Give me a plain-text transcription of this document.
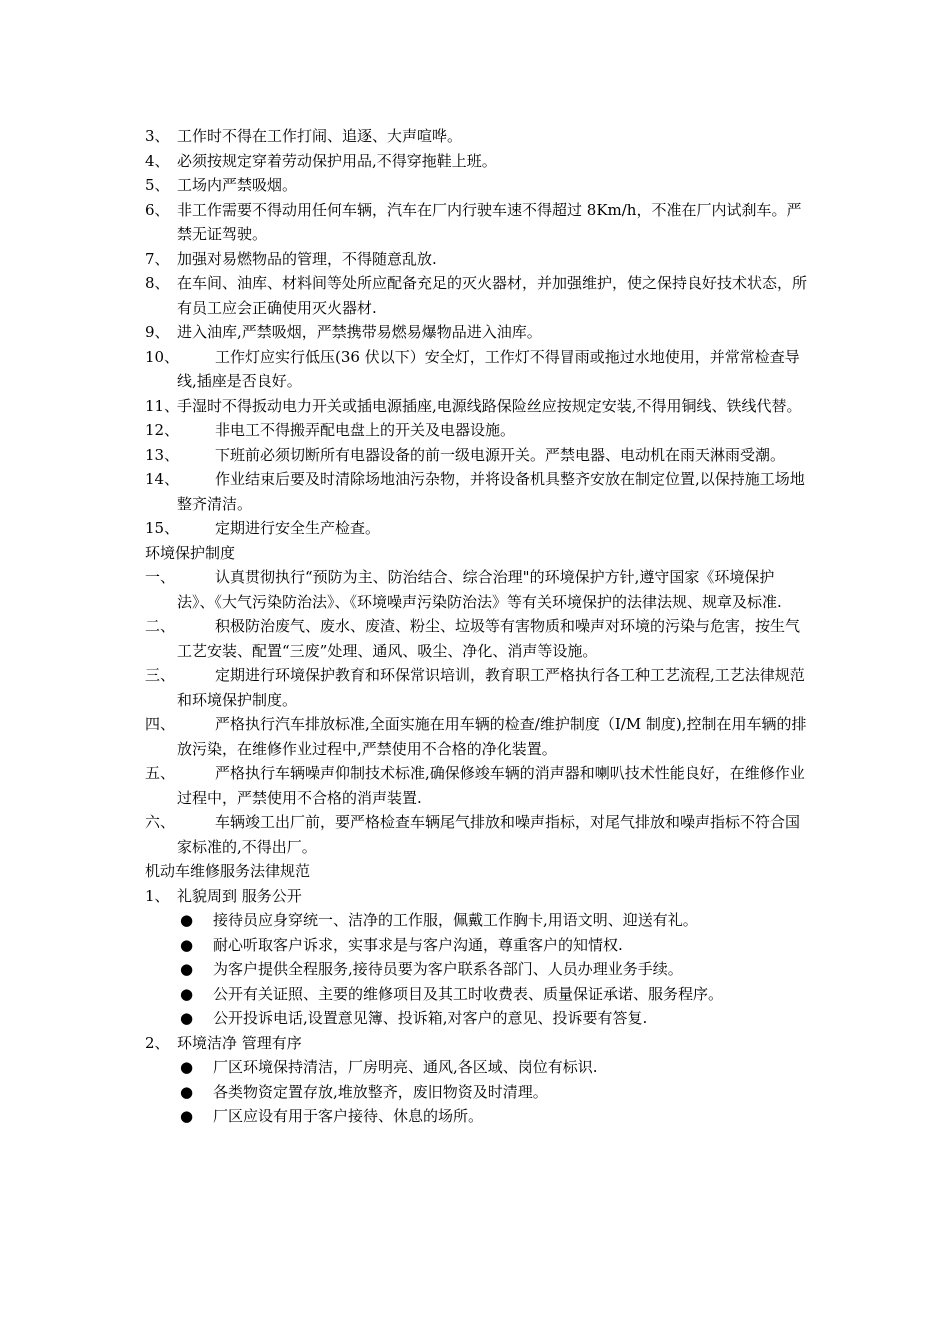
3、 工作时不得在工作打闹、追逐、大声喧哗。
4、 必须按规定穿着劳动保护用品,不得穿拖鞋上班。
5、 工场内严禁吸烟。
6、 非工作需要不得动用任何车辆，汽车在厂内行驶车速不得超过 8Km/h，不准在厂内试刹车。严禁无证驾驶。
7、 加强对易燃物品的管理，不得随意乱放.
8、 在车间、油库、材料间等处所应配备充足的灭火器材，并加强维护，使之保持良好技术状态，所有员工应会正确使用灭火器材.
9、 进入油库,严禁吸烟，严禁携带易燃易爆物品进入油库。
10、	工作灯应实行低压(36 伏以下）安全灯，工作灯不得冒雨或拖过水地使用，并常常检查导线,插座是否良好。
11、
手湿时不得扳动电力开关或插电源插座,电源线路保险丝应按规定安装,不得用铜线、铁线代替。
12、	非电工不得搬弄配电盘上的开关及电器设施。
13、	下班前必须切断所有电器设备的前一级电源开关。严禁电器、电动机在雨天淋雨受潮。
14、	作业结束后要及时清除场地油污杂物，并将设备机具整齐安放在制定位置,以保持施工场地整齐清洁。
15、	定期进行安全生产检查。
环境保护制度
一、	认真贯彻执行“预防为主、防治结合、综合治理"的环境保护方针,遵守国家《环境保护法》、《大气污染防治法》、《环境噪声污染防治法》等有关环境保护的法律法规、规章及标准.
二、	积极防治废气、废水、废渣、粉尘、垃圾等有害物质和噪声对环境的污染与危害，按生气工艺安装、配置“三废”处理、通风、吸尘、净化、消声等设施。
三、	定期进行环境保护教育和环保常识培训，教育职工严格执行各工种工艺流程,工艺法律规范和环境保护制度。
四、	严格执行汽车排放标准,全面实施在用车辆的检查/维护制度（I/M 制度),控制在用车辆的排放污染，在维修作业过程中,严禁使用不合格的净化装置。
五、	严格执行车辆噪声仰制技术标准,确保修竣车辆的消声器和喇叭技术性能良好，在维修作业过程中，严禁使用不合格的消声装置.
六、	车辆竣工出厂前，要严格检查车辆尾气排放和噪声指标，对尾气排放和噪声指标不符合国家标准的,不得出厂。
机动车维修服务法律规范
1、 礼貌周到 服务公开
● 接待员应身穿统一、洁净的工作服，佩戴工作胸卡,用语文明、迎送有礼。
● 耐心听取客户诉求，实事求是与客户沟通，尊重客户的知情权.
● 为客户提供全程服务,接待员要为客户联系各部门、人员办理业务手续。
● 公开有关证照、主要的维修项目及其工时收费表、质量保证承诺、服务程序。
● 公开投诉电话,设置意见簿、投诉箱,对客户的意见、投诉要有答复.
2、 环境洁净 管理有序
● 厂区环境保持清洁，厂房明亮、通风,各区域、岗位有标识.
● 各类物资定置存放,堆放整齐，废旧物资及时清理。
● 厂区应设有用于客户接待、休息的场所。
